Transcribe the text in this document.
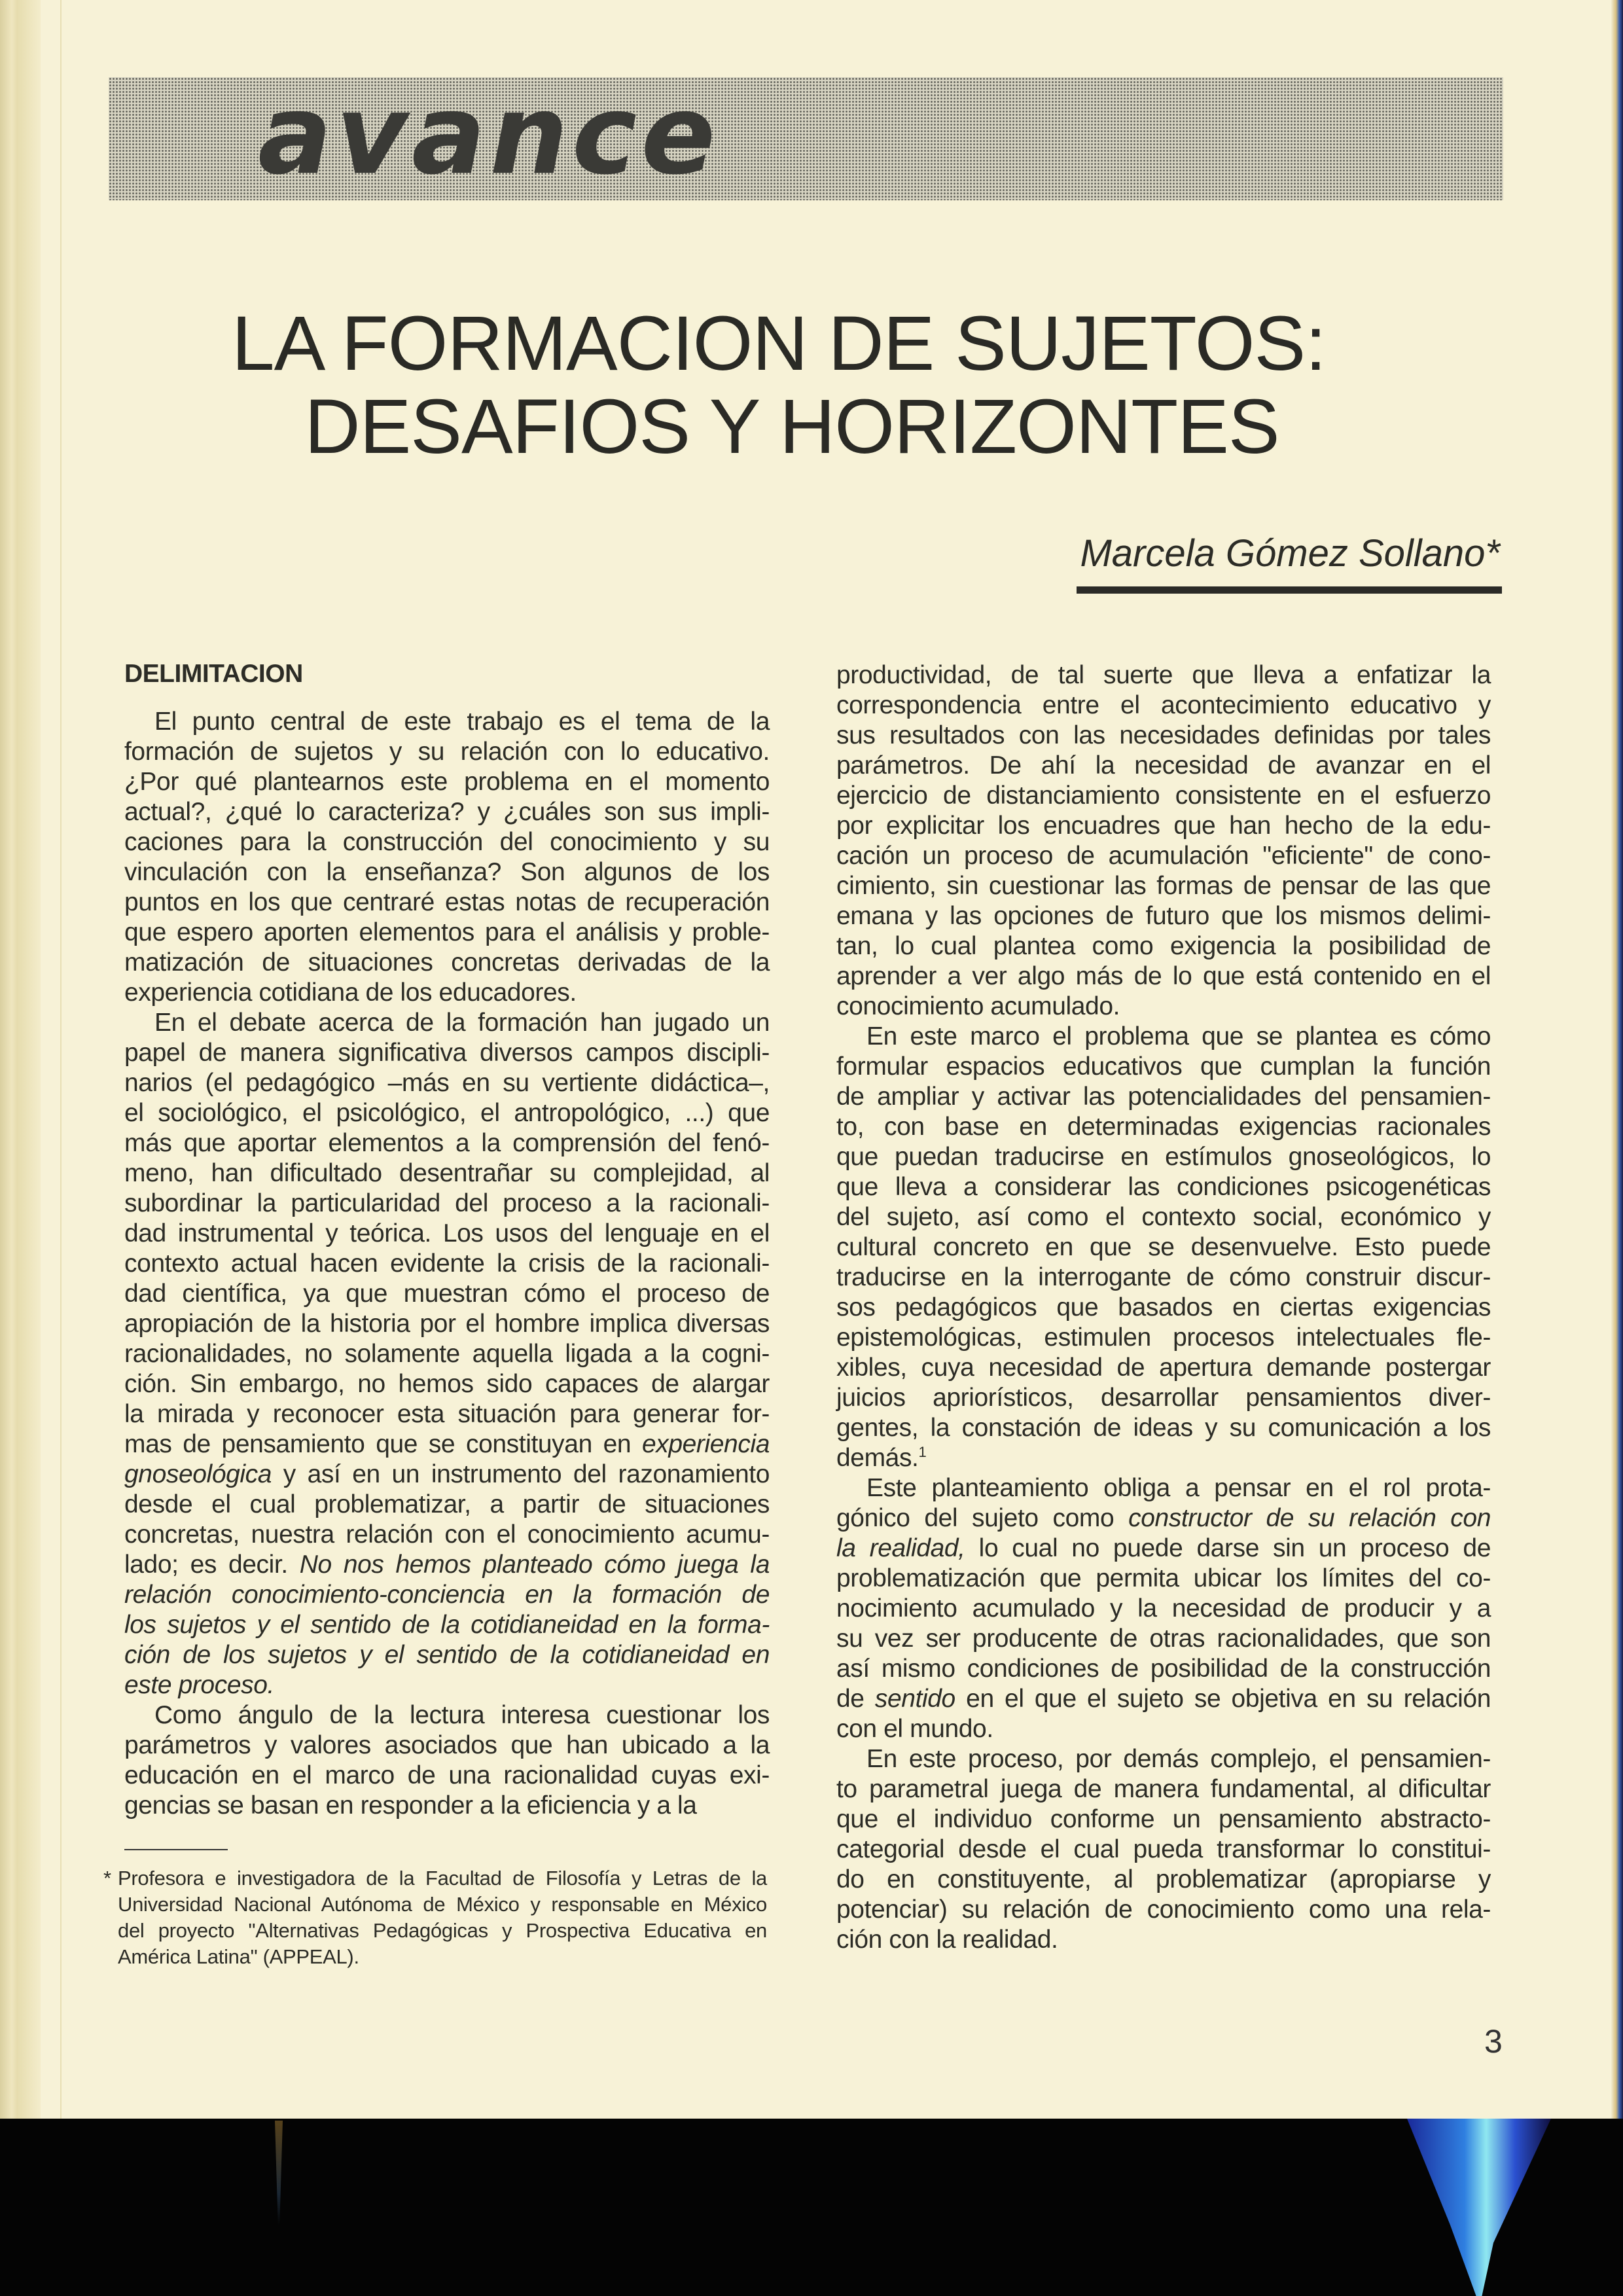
avance
LA FORMACION DE SUJETOS:
DESAFIOS Y HORIZONTES
Marcela Gómez Sollano*
DELIMITACION
El punto central de este trabajo es el tema de la
formación de sujetos y su relación con lo educativo.
¿Por qué plantearnos este problema en el momento
actual?, ¿qué lo caracteriza? y ¿cuáles son sus impli-
caciones para la construcción del conocimiento y su
vinculación con la enseñanza? Son algunos de los
puntos en los que centraré estas notas de recuperación
que espero aporten elementos para el análisis y proble-
matización de situaciones concretas derivadas de la
experiencia cotidiana de los educadores.
En el debate acerca de la formación han jugado un
papel de manera significativa diversos campos discipli-
narios (el pedagógico –más en su vertiente didáctica–,
el sociológico, el psicológico, el antropológico, ...) que
más que aportar elementos a la comprensión del fenó-
meno, han dificultado desentrañar su complejidad, al
subordinar la particularidad del proceso a la racionali-
dad instrumental y teórica. Los usos del lenguaje en el
contexto actual hacen evidente la crisis de la racionali-
dad científica, ya que muestran cómo el proceso de
apropiación de la historia por el hombre implica diversas
racionalidades, no solamente aquella ligada a la cogni-
ción. Sin embargo, no hemos sido capaces de alargar
la mirada y reconocer esta situación para generar for-
mas de pensamiento que se constituyan en experiencia
gnoseológica y así en un instrumento del razonamiento
desde el cual problematizar, a partir de situaciones
concretas, nuestra relación con el conocimiento acumu-
lado; es decir. No nos hemos planteado cómo juega la
relación conocimiento-conciencia en la formación de
los sujetos y el sentido de la cotidianeidad en la forma-
ción de los sujetos y el sentido de la cotidianeidad en
este proceso.
Como ángulo de la lectura interesa cuestionar los
parámetros y valores asociados que han ubicado a la
educación en el marco de una racionalidad cuyas exi-
gencias se basan en responder a la eficiencia y a la
productividad, de tal suerte que lleva a enfatizar la
correspondencia entre el acontecimiento educativo y
sus resultados con las necesidades definidas por tales
parámetros. De ahí la necesidad de avanzar en el
ejercicio de distanciamiento consistente en el esfuerzo
por explicitar los encuadres que han hecho de la edu-
cación un proceso de acumulación "eficiente" de cono-
cimiento, sin cuestionar las formas de pensar de las que
emana y las opciones de futuro que los mismos delimi-
tan, lo cual plantea como exigencia la posibilidad de
aprender a ver algo más de lo que está contenido en el
conocimiento acumulado.
En este marco el problema que se plantea es cómo
formular espacios educativos que cumplan la función
de ampliar y activar las potencialidades del pensamien-
to, con base en determinadas exigencias racionales
que puedan traducirse en estímulos gnoseológicos, lo
que lleva a considerar las condiciones psicogenéticas
del sujeto, así como el contexto social, económico y
cultural concreto en que se desenvuelve. Esto puede
traducirse en la interrogante de cómo construir discur-
sos pedagógicos que basados en ciertas exigencias
epistemológicas, estimulen procesos intelectuales fle-
xibles, cuya necesidad de apertura demande postergar
juicios apriorísticos, desarrollar pensamientos diver-
gentes, la constación de ideas y su comunicación a los
demás.$^1$
Este planteamiento obliga a pensar en el rol prota-
gónico del sujeto como constructor de su relación con
la realidad, lo cual no puede darse sin un proceso de
problematización que permita ubicar los límites del co-
nocimiento acumulado y la necesidad de producir y a
su vez ser producente de otras racionalidades, que son
así mismo condiciones de posibilidad de la construcción
de sentido en el que el sujeto se objetiva en su relación
con el mundo.
En este proceso, por demás complejo, el pensamien-
to parametral juega de manera fundamental, al dificultar
que el individuo conforme un pensamiento abstracto-
categorial desde el cual pueda transformar lo constitui-
do en constituyente, al problematizar (apropiarse y
potenciar) su relación de conocimiento como una rela-
ción con la realidad.
* Profesora e investigadora de la Facultad de Filosofía y Letras de la
Universidad Nacional Autónoma de México y responsable en México
del proyecto "Alternativas Pedagógicas y Prospectiva Educativa en
América Latina" (APPEAL).
3
